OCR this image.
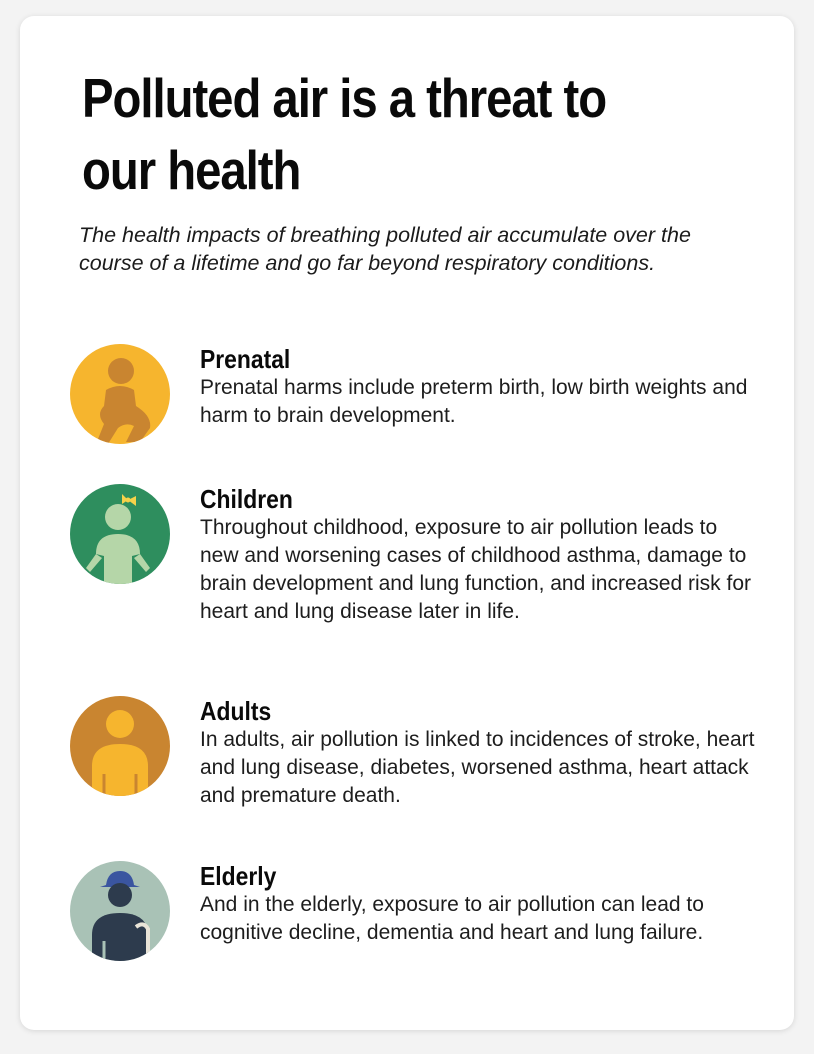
Polluted air is a threat to our health

The health impacts of breathing polluted air accumulate over the course of a lifetime and go far beyond respiratory conditions.

Prenatal

Prenatal harms include preterm birth, low birth weights and harm to brain development.

Children

Throughout childhood, exposure to air pollution leads to new and worsening cases of childhood asthma, damage to brain development and lung function, and increased risk for heart and lung disease later in life.

Adults

In adults, air pollution is linked to incidences of stroke, heart and lung disease, diabetes, worsened asthma, heart attack and premature death.

Elderly

And in the elderly, exposure to air pollution can lead to cognitive decline, dementia and heart and lung failure.
